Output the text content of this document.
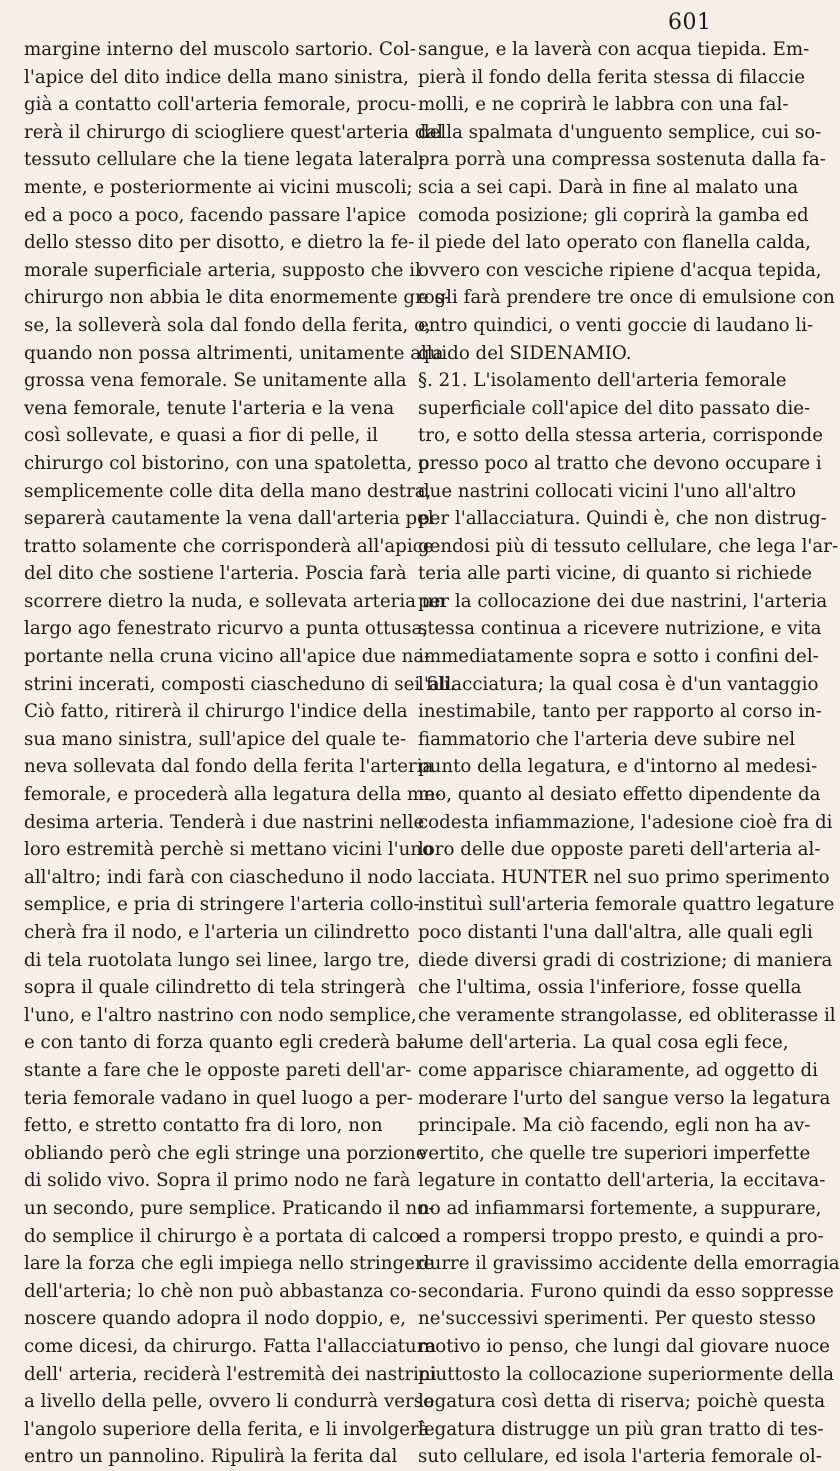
601
margine interno del muscolo sartorio. Col-
l'apice del dito indice della mano sinistra,
già a contatto coll'arteria femorale, procu-
rerà il chirurgo di sciogliere quest'arteria dal
tessuto cellulare che la tiene legata lateral-
mente, e posteriormente ai vicini muscoli;
ed a poco a poco, facendo passare l'apice
dello stesso dito per disotto, e dietro la fe-
morale superficiale arteria, supposto che il
chirurgo non abbia le dita enormemente gros-
se, la solleverà sola dal fondo della ferita, o,
quando non possa altrimenti, unitamente alla
grossa vena femorale. Se unitamente alla
vena femorale, tenute l'arteria e la vena
così sollevate, e quasi a fior di pelle, il
chirurgo col bistorino, con una spatoletta, o
semplicemente colle dita della mano destra,
separerà cautamente la vena dall'arteria pel
tratto solamente che corrisponderà all'apice
del dito che sostiene l'arteria. Poscia farà
scorrere dietro la nuda, e sollevata arteria un
largo ago fenestrato ricurvo a punta ottusa,
portante nella cruna vicino all'apice due na-
strini incerati, composti ciascheduno di sei fili.
Ciò fatto, ritirerà il chirurgo l'indice della
sua mano sinistra, sull'apice del quale te-
neva sollevata dal fondo della ferita l'arteria
femorale, e procederà alla legatura della me-
desima arteria. Tenderà i due nastrini nelle
loro estremità perchè si mettano vicini l'uno
all'altro; indi farà con ciascheduno il nodo
semplice, e pria di stringere l'arteria collo-
cherà fra il nodo, e l'arteria un cilindretto
di tela ruotolata lungo sei linee, largo tre,
sopra il quale cilindretto di tela stringerà
l'uno, e l'altro nastrino con nodo semplice,
e con tanto di forza quanto egli crederà ba-
stante a fare che le opposte pareti dell'ar-
teria femorale vadano in quel luogo a per-
fetto, e stretto contatto fra di loro, non
obliando però che egli stringe una porzione
di solido vivo. Sopra il primo nodo ne farà
un secondo, pure semplice. Praticando il no-
do semplice il chirurgo è a portata di calco-
lare la forza che egli impiega nello stringere
dell'arteria; lo chè non può abbastanza co-
noscere quando adopra il nodo doppio, e,
come dicesi, da chirurgo. Fatta l'allacciatura
dell' arteria, reciderà l'estremità dei nastrini
a livello della pelle, ovvero li condurrà verso
l'angolo superiore della ferita, e li involgerà
entro un pannolino. Ripulirà la ferita dal
sangue, e la laverà con acqua tiepida. Em-
pierà il fondo della ferita stessa di filaccie
molli, e ne coprirà le labbra con una fal-
della spalmata d'unguento semplice, cui so-
pra porrà una compressa sostenuta dalla fa-
scia a sei capi. Darà in fine al malato una
comoda posizione; gli coprirà la gamba ed
il piede del lato operato con flanella calda,
ovvero con vesciche ripiene d'acqua tepida,
e gli farà prendere tre once di emulsione con
entro quindici, o venti goccie di laudano li-
quido del SIDENAMIO.
§. 21. L'isolamento dell'arteria femorale
superficiale coll'apice del dito passato die-
tro, e sotto della stessa arteria, corrisponde
presso poco al tratto che devono occupare i
due nastrini collocati vicini l'uno all'altro
per l'allacciatura. Quindi è, che non distrug-
gendosi più di tessuto cellulare, che lega l'ar-
teria alle parti vicine, di quanto si richiede
per la collocazione dei due nastrini, l'arteria
stessa continua a ricevere nutrizione, e vita
immediatamente sopra e sotto i confini del-
l'allacciatura; la qual cosa è d'un vantaggio
inestimabile, tanto per rapporto al corso in-
fiammatorio che l'arteria deve subire nel
punto della legatura, e d'intorno al medesi-
mo, quanto al desiato effetto dipendente da
codesta infiammazione, l'adesione cioè fra di
loro delle due opposte pareti dell'arteria al-
lacciata. HUNTER nel suo primo sperimento
instituì sull'arteria femorale quattro legature
poco distanti l'una dall'altra, alle quali egli
diede diversi gradi di costrizione; di maniera
che l'ultima, ossia l'inferiore, fosse quella
che veramente strangolasse, ed obliterasse il
lume dell'arteria. La qual cosa egli fece,
come apparisce chiaramente, ad oggetto di
moderare l'urto del sangue verso la legatura
principale. Ma ciò facendo, egli non ha av-
vertito, che quelle tre superiori imperfette
legature in contatto dell'arteria, la eccitava-
no ad infiammarsi fortemente, a suppurare,
ed a rompersi troppo presto, e quindi a pro-
durre il gravissimo accidente della emorragia
secondaria. Furono quindi da esso soppresse
ne'successivi sperimenti. Per questo stesso
motivo io penso, che lungi dal giovare nuoce
piuttosto la collocazione superiormente della
legatura così detta di riserva; poichè questa
legatura distrugge un più gran tratto di tes-
suto cellulare, ed isola l'arteria femorale ol-
